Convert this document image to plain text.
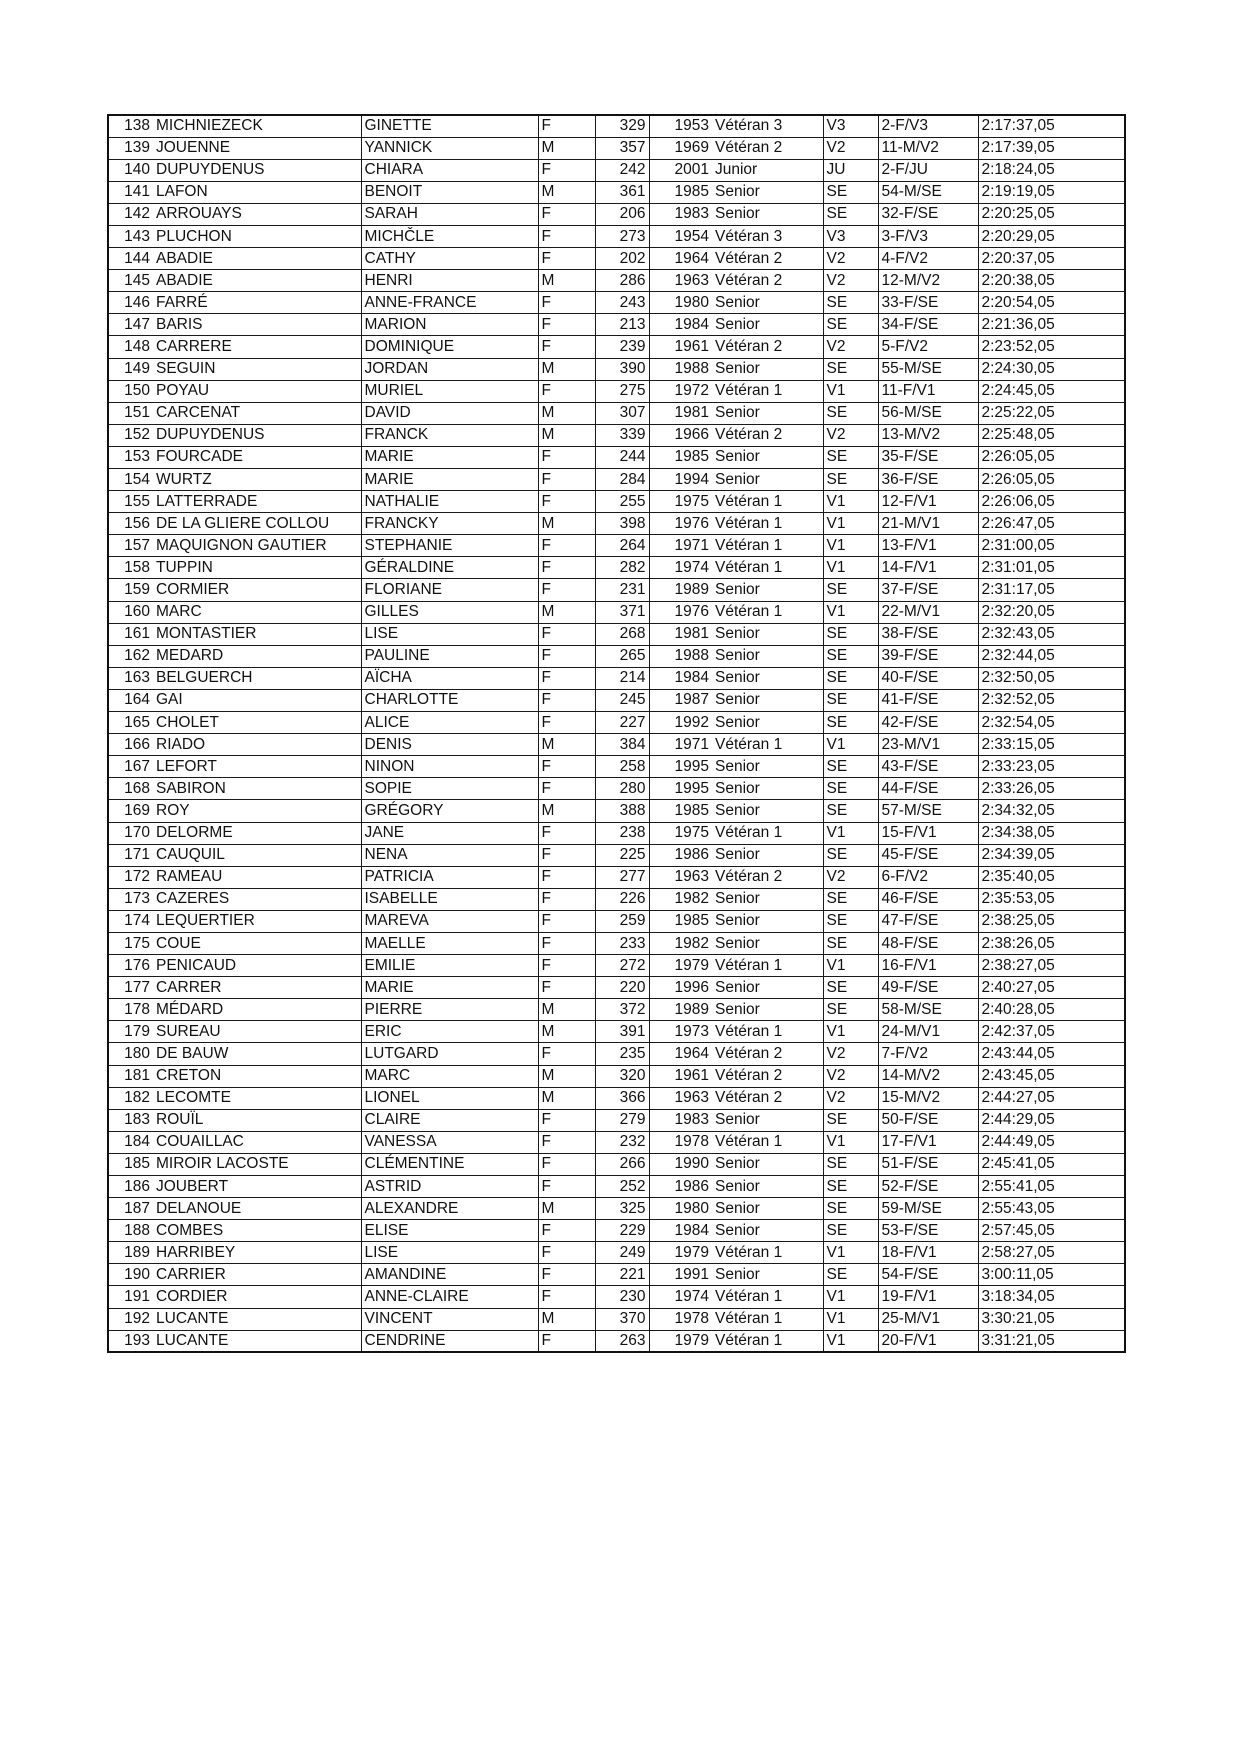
138	MICHNIEZECK	GINETTE	F	329	1953	Vétéran 3	V3	2-F/V3	2:17:37,05
139	JOUENNE	YANNICK	M	357	1969	Vétéran 2	V2	11-M/V2	2:17:39,05
140	DUPUYDENUS	CHIARA	F	242	2001	Junior	JU	2-F/JU	2:18:24,05
141	LAFON	BENOIT	M	361	1985	Senior	SE	54-M/SE	2:19:19,05
142	ARROUAYS	SARAH	F	206	1983	Senior	SE	32-F/SE	2:20:25,05
143	PLUCHON	MICHČLE	F	273	1954	Vétéran 3	V3	3-F/V3	2:20:29,05
144	ABADIE	CATHY	F	202	1964	Vétéran 2	V2	4-F/V2	2:20:37,05
145	ABADIE	HENRI	M	286	1963	Vétéran 2	V2	12-M/V2	2:20:38,05
146	FARRÉ	ANNE-FRANCE	F	243	1980	Senior	SE	33-F/SE	2:20:54,05
147	BARIS	MARION	F	213	1984	Senior	SE	34-F/SE	2:21:36,05
148	CARRERE	DOMINIQUE	F	239	1961	Vétéran 2	V2	5-F/V2	2:23:52,05
149	SEGUIN	JORDAN	M	390	1988	Senior	SE	55-M/SE	2:24:30,05
150	POYAU	MURIEL	F	275	1972	Vétéran 1	V1	11-F/V1	2:24:45,05
151	CARCENAT	DAVID	M	307	1981	Senior	SE	56-M/SE	2:25:22,05
152	DUPUYDENUS	FRANCK	M	339	1966	Vétéran 2	V2	13-M/V2	2:25:48,05
153	FOURCADE	MARIE	F	244	1985	Senior	SE	35-F/SE	2:26:05,05
154	WURTZ	MARIE	F	284	1994	Senior	SE	36-F/SE	2:26:05,05
155	LATTERRADE	NATHALIE	F	255	1975	Vétéran 1	V1	12-F/V1	2:26:06,05
156	DE LA GLIERE COLLOU	FRANCKY	M	398	1976	Vétéran 1	V1	21-M/V1	2:26:47,05
157	MAQUIGNON GAUTIER	STEPHANIE	F	264	1971	Vétéran 1	V1	13-F/V1	2:31:00,05
158	TUPPIN	GÉRALDINE	F	282	1974	Vétéran 1	V1	14-F/V1	2:31:01,05
159	CORMIER	FLORIANE	F	231	1989	Senior	SE	37-F/SE	2:31:17,05
160	MARC	GILLES	M	371	1976	Vétéran 1	V1	22-M/V1	2:32:20,05
161	MONTASTIER	LISE	F	268	1981	Senior	SE	38-F/SE	2:32:43,05
162	MEDARD	PAULINE	F	265	1988	Senior	SE	39-F/SE	2:32:44,05
163	BELGUERCH	AÏCHA	F	214	1984	Senior	SE	40-F/SE	2:32:50,05
164	GAI	CHARLOTTE	F	245	1987	Senior	SE	41-F/SE	2:32:52,05
165	CHOLET	ALICE	F	227	1992	Senior	SE	42-F/SE	2:32:54,05
166	RIADO	DENIS	M	384	1971	Vétéran 1	V1	23-M/V1	2:33:15,05
167	LEFORT	NINON	F	258	1995	Senior	SE	43-F/SE	2:33:23,05
168	SABIRON	SOPIE	F	280	1995	Senior	SE	44-F/SE	2:33:26,05
169	ROY	GRÉGORY	M	388	1985	Senior	SE	57-M/SE	2:34:32,05
170	DELORME	JANE	F	238	1975	Vétéran 1	V1	15-F/V1	2:34:38,05
171	CAUQUIL	NENA	F	225	1986	Senior	SE	45-F/SE	2:34:39,05
172	RAMEAU	PATRICIA	F	277	1963	Vétéran 2	V2	6-F/V2	2:35:40,05
173	CAZERES	ISABELLE	F	226	1982	Senior	SE	46-F/SE	2:35:53,05
174	LEQUERTIER	MAREVA	F	259	1985	Senior	SE	47-F/SE	2:38:25,05
175	COUE	MAELLE	F	233	1982	Senior	SE	48-F/SE	2:38:26,05
176	PENICAUD	EMILIE	F	272	1979	Vétéran 1	V1	16-F/V1	2:38:27,05
177	CARRER	MARIE	F	220	1996	Senior	SE	49-F/SE	2:40:27,05
178	MÉDARD	PIERRE	M	372	1989	Senior	SE	58-M/SE	2:40:28,05
179	SUREAU	ERIC	M	391	1973	Vétéran 1	V1	24-M/V1	2:42:37,05
180	DE BAUW	LUTGARD	F	235	1964	Vétéran 2	V2	7-F/V2	2:43:44,05
181	CRETON	MARC	M	320	1961	Vétéran 2	V2	14-M/V2	2:43:45,05
182	LECOMTE	LIONEL	M	366	1963	Vétéran 2	V2	15-M/V2	2:44:27,05
183	ROUÏL	CLAIRE	F	279	1983	Senior	SE	50-F/SE	2:44:29,05
184	COUAILLAC	VANESSA	F	232	1978	Vétéran 1	V1	17-F/V1	2:44:49,05
185	MIROIR LACOSTE	CLÉMENTINE	F	266	1990	Senior	SE	51-F/SE	2:45:41,05
186	JOUBERT	ASTRID	F	252	1986	Senior	SE	52-F/SE	2:55:41,05
187	DELANOUE	ALEXANDRE	M	325	1980	Senior	SE	59-M/SE	2:55:43,05
188	COMBES	ELISE	F	229	1984	Senior	SE	53-F/SE	2:57:45,05
189	HARRIBEY	LISE	F	249	1979	Vétéran 1	V1	18-F/V1	2:58:27,05
190	CARRIER	AMANDINE	F	221	1991	Senior	SE	54-F/SE	3:00:11,05
191	CORDIER	ANNE-CLAIRE	F	230	1974	Vétéran 1	V1	19-F/V1	3:18:34,05
192	LUCANTE	VINCENT	M	370	1978	Vétéran 1	V1	25-M/V1	3:30:21,05
193	LUCANTE	CENDRINE	F	263	1979	Vétéran 1	V1	20-F/V1	3:31:21,05
